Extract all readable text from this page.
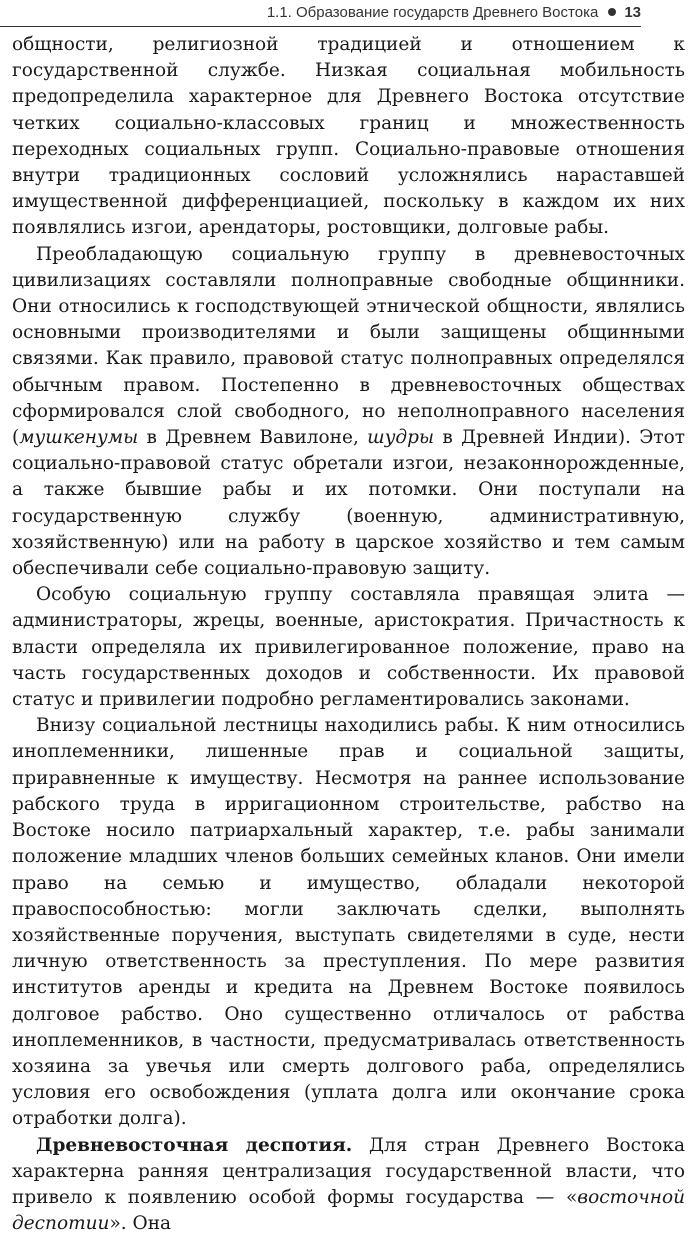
1.1. Образование государств Древнего Востока 13

общности, религиозной традицией и отношением к государственной службе. Низкая социальная мобильность предопределила характерное для Древнего Востока отсутствие четких социально-классовых границ и множественность переходных социальных групп. Социально-правовые отношения внутри традиционных сословий усложнялись нараставшей имущественной дифференциацией, поскольку в каждом их них появлялись изгои, арендаторы, ростовщики, долговые рабы.

Преобладающую социальную группу в древневосточных цивилизациях составляли полноправные свободные общинники. Они относились к господствующей этнической общности, являлись основными производителями и были защищены общинными связями. Как правило, правовой статус полноправных определялся обычным правом. Постепенно в древневосточных обществах сформировался слой свободного, но неполноправного населения (мушкенумы в Древнем Вавилоне, шудры в Древней Индии). Этот социально-правовой статус обретали изгои, незаконнорожденные, а также бывшие рабы и их потомки. Они поступали на государственную службу (военную, административную, хозяйственную) или на работу в царское хозяйство и тем самым обеспечивали себе социально-правовую защиту.

Особую социальную группу составляла правящая элита — администраторы, жрецы, военные, аристократия. Причастность к власти определяла их привилегированное положение, право на часть государственных доходов и собственности. Их правовой статус и привилегии подробно регламентировались законами.

Внизу социальной лестницы находились рабы. К ним относились иноплеменники, лишенные прав и социальной защиты, приравненные к имуществу. Несмотря на раннее использование рабского труда в ирригационном строительстве, рабство на Востоке носило патриархальный характер, т.е. рабы занимали положение младших членов больших семейных кланов. Они имели право на семью и имущество, обладали некоторой правоспособностью: могли заключать сделки, выполнять хозяйственные поручения, выступать свидетелями в суде, нести личную ответственность за преступления. По мере развития институтов аренды и кредита на Древнем Востоке появилось долговое рабство. Оно существенно отличалось от рабства иноплеменников, в частности, предусматривалась ответственность хозяина за увечья или смерть долгового раба, определялись условия его освобождения (уплата долга или окончание срока отработки долга).

Древневосточная деспотия. Для стран Древнего Востока характерна ранняя централизация государственной власти, что привело к появлению особой формы государства — «восточной деспотии». Она
